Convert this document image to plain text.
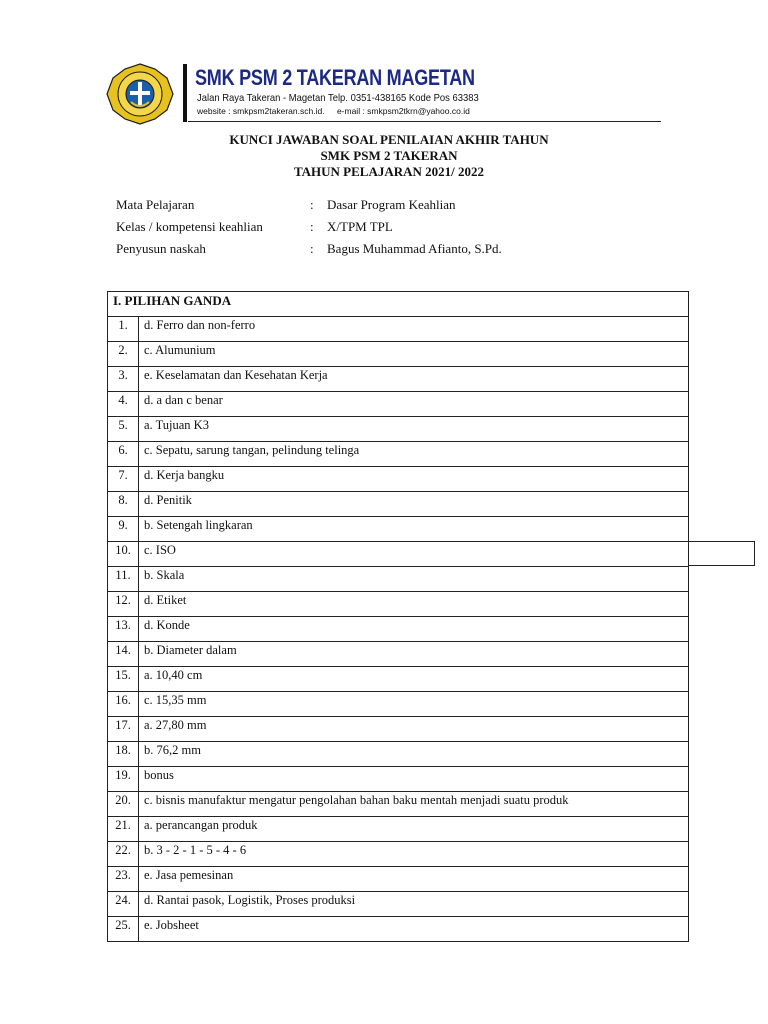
SMK PSM 2 TAKERAN MAGETAN
Jalan Raya Takeran - Magetan Telp. 0351-438165 Kode Pos 63383
website : smkpsm2takeran.sch.id. e-mail : smkpsm2tkrn@yahoo.co.id
KUNCI JAWABAN SOAL PENILAIAN AKHIR TAHUN
SMK PSM 2 TAKERAN
TAHUN PELAJARAN 2021/ 2022
Mata Pelajaran	: Dasar Program Keahlian
Kelas / kompetensi keahlian	: X/TPM TPL
Penyusun naskah	: Bagus Muhammad Afianto, S.Pd.
I. PILIHAN GANDA	
1.	d. Ferro dan non-ferro
2.	c. Alumunium
3.	e. Keselamatan dan Kesehatan Kerja
4.	d. a dan c benar
5.	a. Tujuan K3
6.	c. Sepatu, sarung tangan, pelindung telinga
7.	d. Kerja bangku
8.	d. Penitik
9.	b. Setengah lingkaran
10.	c. ISO
11.	b. Skala
12.	d. Etiket
13.	d. Konde
14.	b. Diameter dalam
15.	a. 10,40 cm
16.	c. 15,35 mm
17.	a. 27,80 mm
18.	b. 76,2 mm
19.	bonus
20.	c. bisnis manufaktur mengatur pengolahan bahan baku mentah menjadi suatu produk
21.	a. perancangan produk
22.	b. 3 - 2 - 1 - 5 - 4 - 6
23.	e. Jasa pemesinan
24.	d. Rantai pasok, Logistik, Proses produksi
25.	e. Jobsheet
